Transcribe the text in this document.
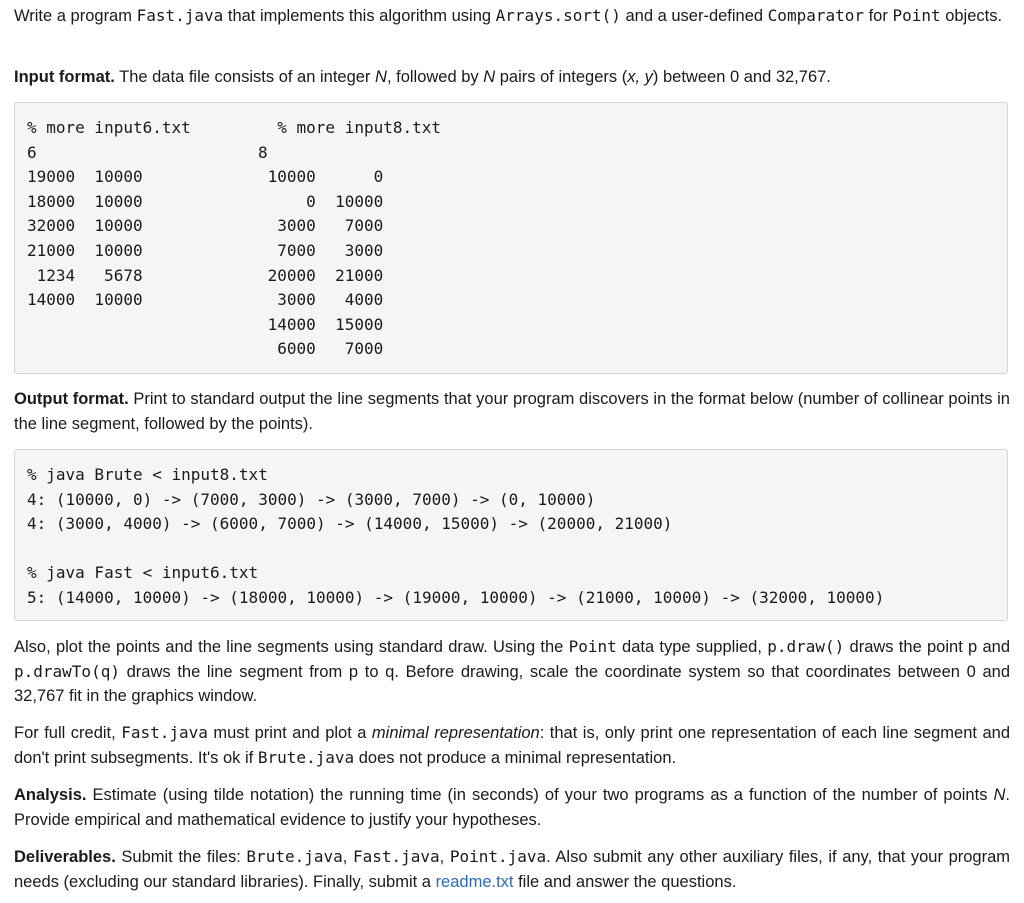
Write a program Fast.java that implements this algorithm using Arrays.sort() and a user-defined Comparator for Point objects.

Input format. The data file consists of an integer N, followed by N pairs of integers (x, y) between 0 and 32,767.

% more input6.txt
6
19000  10000
18000  10000
32000  10000
21000  10000
1234   5678
14000  10000
% more input8.txt
8
10000      0
0  10000
3000   7000
7000   3000
20000  21000
3000   4000
14000  15000
6000   7000

Output format. Print to standard output the line segments that your program discovers in the format below (number of collinear points in the line segment, followed by the points).

% java Brute < input8.txt
4: (10000, 0) -> (7000, 3000) -> (3000, 7000) -> (0, 10000)
4: (3000, 4000) -> (6000, 7000) -> (14000, 15000) -> (20000, 21000)

% java Fast < input6.txt
5: (14000, 10000) -> (18000, 10000) -> (19000, 10000) -> (21000, 10000) -> (32000, 10000)

Also, plot the points and the line segments using standard draw. Using the Point data type supplied, p.draw() draws the point p and p.drawTo(q) draws the line segment from p to q. Before drawing, scale the coordinate system so that coordinates between 0 and 32,767 fit in the graphics window.

For full credit, Fast.java must print and plot a minimal representation: that is, only print one representation of each line segment and don't print subsegments. It's ok if Brute.java does not produce a minimal representation.

Analysis. Estimate (using tilde notation) the running time (in seconds) of your two programs as a function of the number of points N. Provide empirical and mathematical evidence to justify your hypotheses.

Deliverables. Submit the files: Brute.java, Fast.java, Point.java. Also submit any other auxiliary files, if any, that your program needs (excluding our standard libraries). Finally, submit a readme.txt file and answer the questions.
